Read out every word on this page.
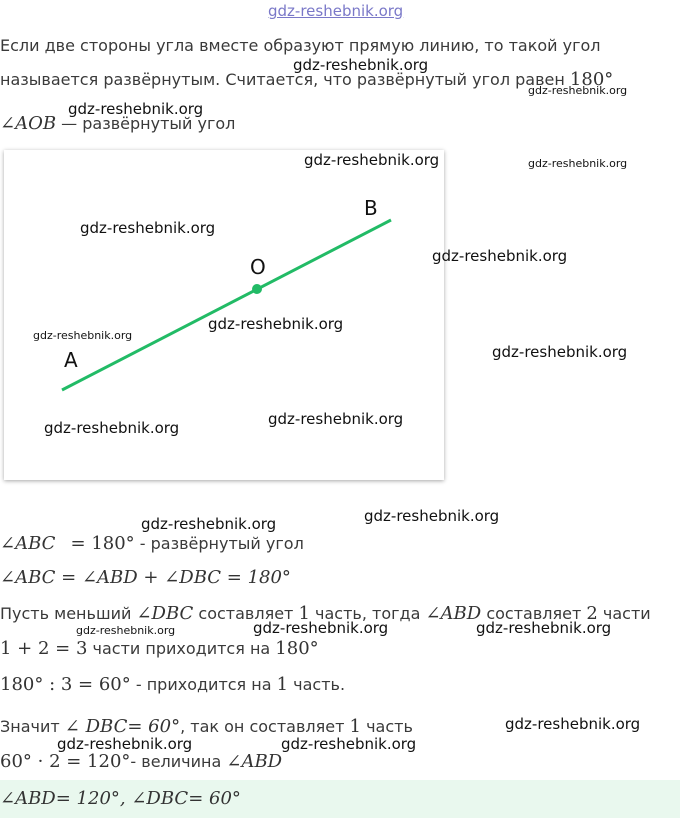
gdz-reshebnik.org
Если две стороны угла вместе образуют прямую линию, то такой угол
называется развёрнутым. Считается, что развёрнутый угол равен 180°
∠AOB — развёрнутый угол
A
O
B
gdz-reshebnik.org
gdz-reshebnik.org
gdz-reshebnik.org
gdz-reshebnik.org	gdz-reshebnik.org
gdz-reshebnik.org
gdz-reshebnik.org
gdz-reshebnik.org
gdz-reshebnik.org
gdz-reshebnik.org
gdz-reshebnik.org
gdz-reshebnik.org
gdz-reshebnik.org	gdz-reshebnik.org
gdz-reshebnik.org	gdz-reshebnik.org	gdz-reshebnik.org
gdz-reshebnik.org
gdz-reshebnik.org	gdz-reshebnik.org
∠ABC = 180° - развёрнутый угол
∠ABC = ∠ABD + ∠DBC = 180°
Пусть меньший ∠DBC составляет 1 часть, тогда ∠ABD составляет 2 части
1 + 2 = 3 части приходится на 180°
180° : 3 = 60° - приходится на 1 часть.
Значит ∠ DBC= 60°, так он составляет 1 часть
60° · 2 = 120°- величина ∠ABD
∠ABD= 120°, ∠DBC= 60°
